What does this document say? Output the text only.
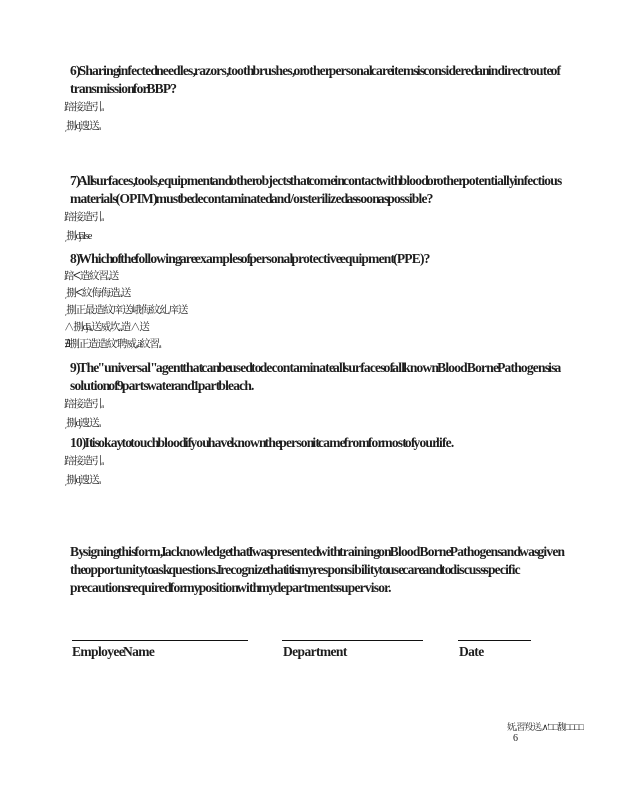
6) Sharing infected needles, razors, tooth brushes, or other personal care items is considered an indirect route of transmission for BBP?

踣接造引ₐ

͵捌ᶁ遚送ₐ

7) All surfaces, tools, equipment and other objects that come in contact with blood or other potentially infectious materials (OPIM) must be decontaminated and/or sterilized as soon as possible?

踣接造引ₐ

͵捌ᶁälse

8) Which of the following are examples of personal protective equipment (PPE)?

踣ᐸ造紋習 ₐ送

͵捌ᐸ紋侮侮造ₐ送

͵捌正最造紋庠送峨侮紋乣庠送

∧捌ᶁä ₐ送威坎ₐ造∧送

∄捌正造造紋ʹ聘威ₐä 紋習ₐ

9) The "universal" agent that can be used to decontaminate all surfaces of all known BloodBorne Pathogens is a solution of 9 parts water and 1 part bleach.

踣接造引ₐ

͵捌ᶁ遚送ₐ

10) It is okay to touch blood if you have known the person it came from for most of your life.

踣接造引ₐ

͵捌ᶁ遚送ₐ

By signing this form, I acknowledge that I was presented with training on BloodBorne Pathogens and was given the opportunity to ask questions. I recognize that it is my responsibility to use care and to discuss specific precautions required for my position with my departments supervisor.

Employee Name	Department	Date

妩ₐ習羖送ₐ∧ʹ□□馥□□□□

6
